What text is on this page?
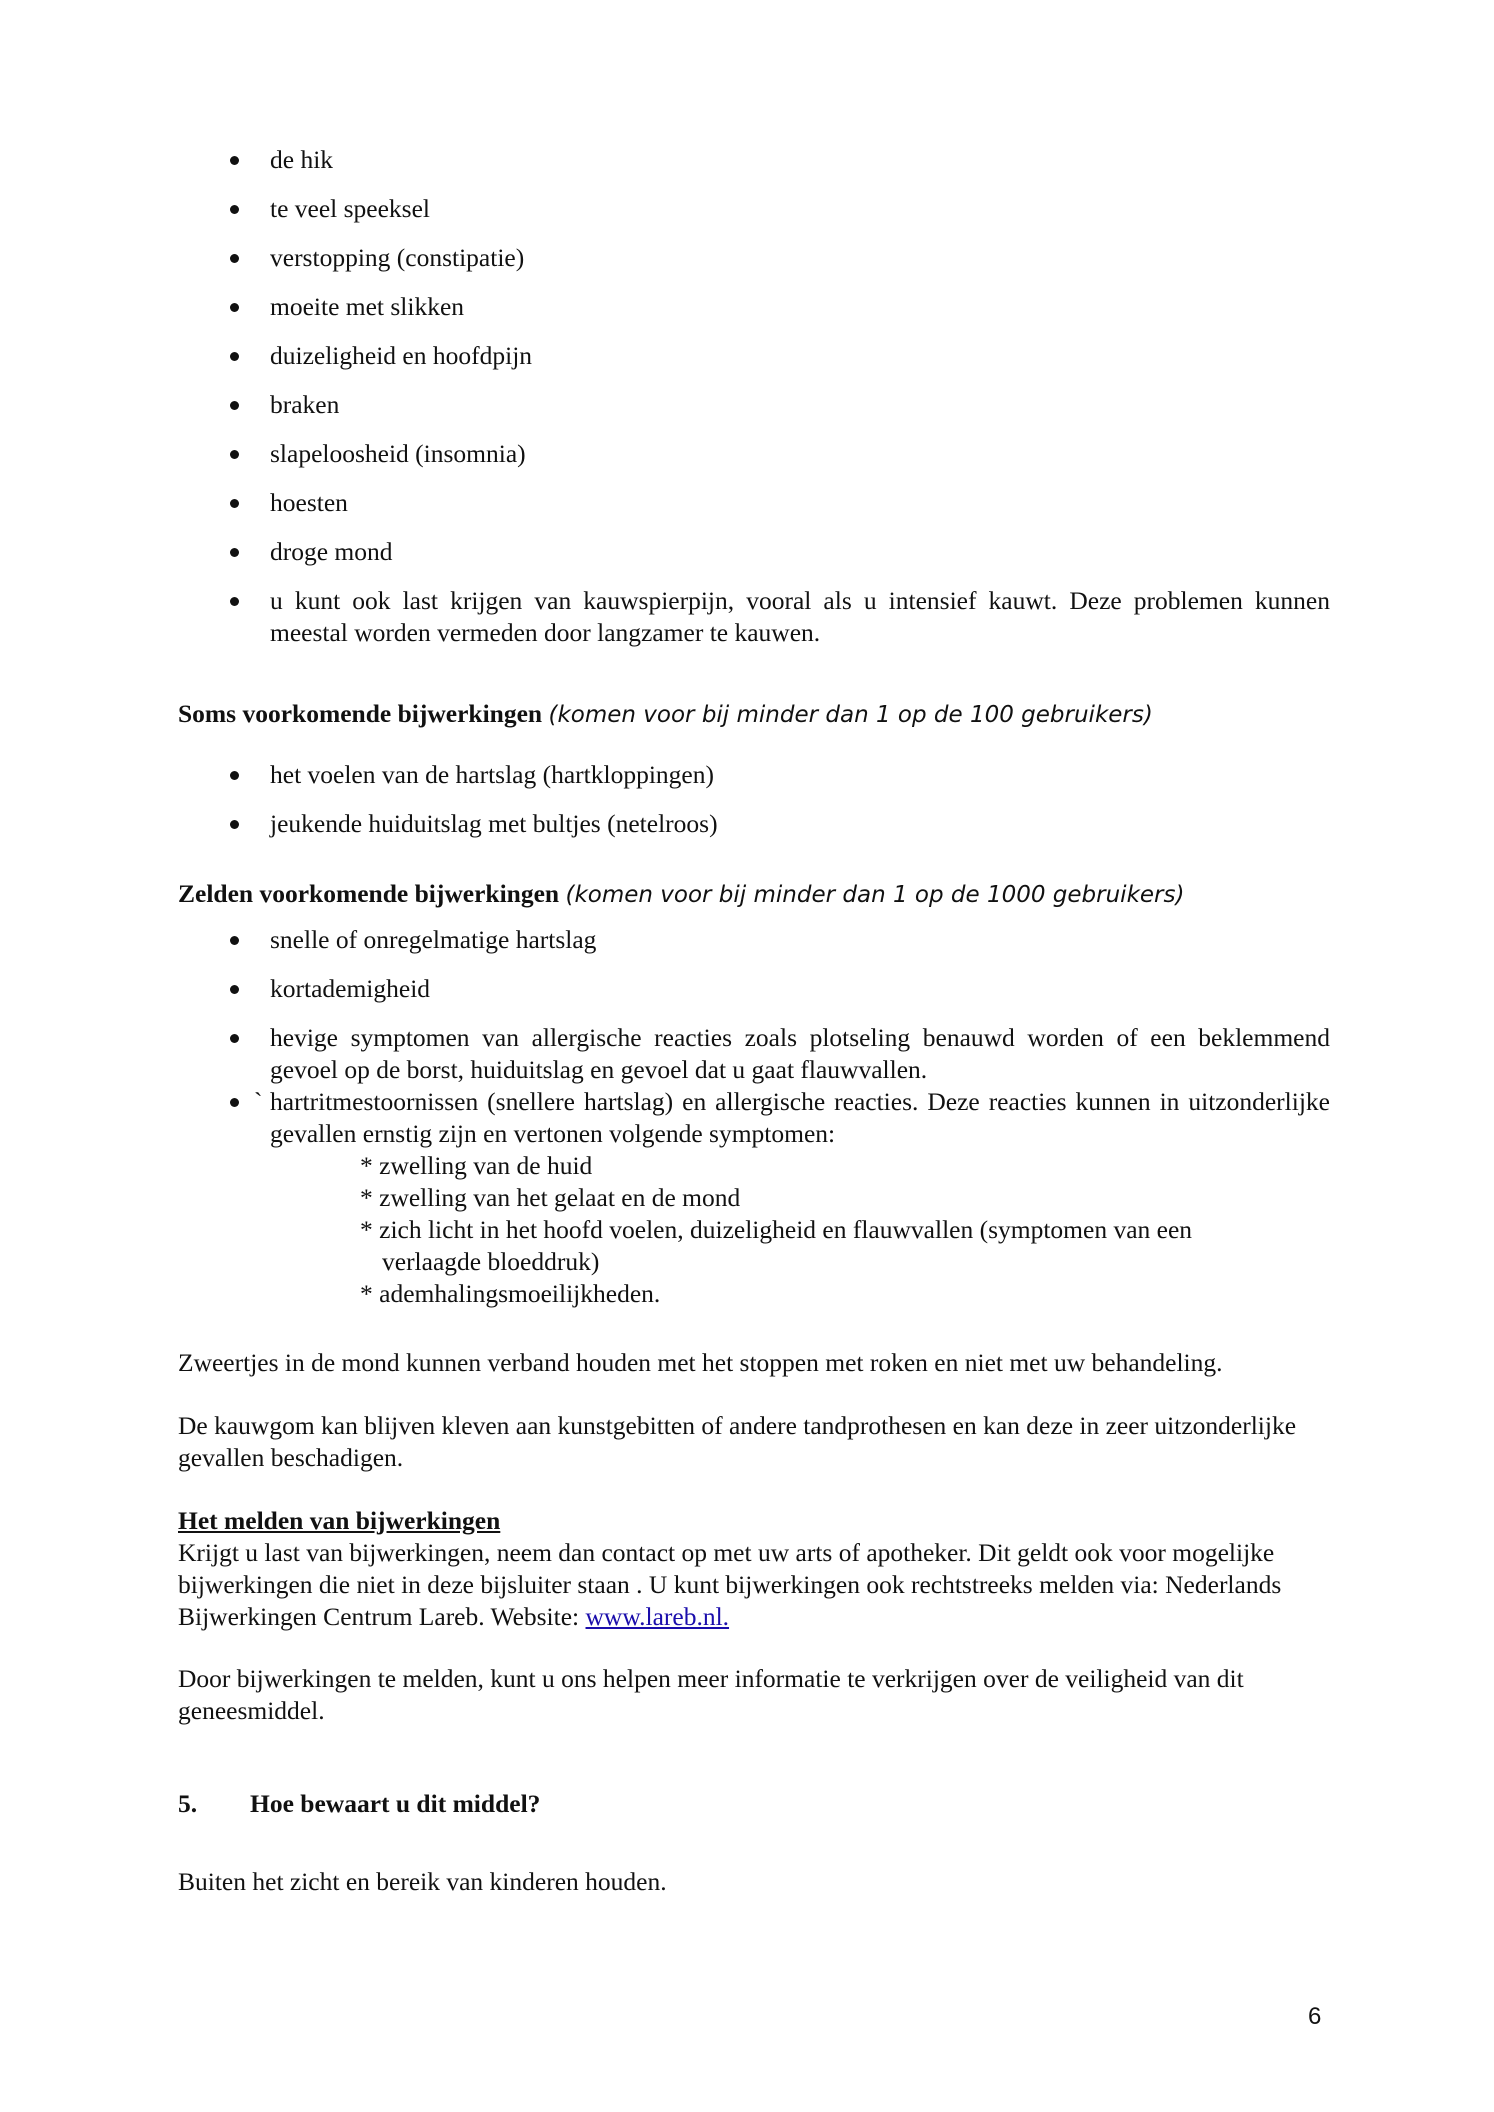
de hik
te veel speeksel
verstopping (constipatie)
moeite met slikken
duizeligheid en hoofdpijn
braken
slapeloosheid (insomnia)
hoesten
droge mond
u kunt ook last krijgen van kauwspierpijn, vooral als u intensief kauwt. Deze problemen kunnen meestal worden vermeden door langzamer te kauwen.
Soms voorkomende bijwerkingen (komen voor bij minder dan 1 op de 100 gebruikers)
het voelen van de hartslag (hartkloppingen)
jeukende huiduitslag met bultjes (netelroos)
Zelden voorkomende bijwerkingen (komen voor bij minder dan 1 op de 1000 gebruikers)
snelle of onregelmatige hartslag
kortademigheid
hevige symptomen van allergische reacties zoals plotseling benauwd worden of een beklemmend gevoel op de borst, huiduitslag en gevoel dat u gaat flauwvallen.
` hartritmestoornissen (snellere hartslag) en allergische reacties. Deze reacties kunnen in uitzonderlijke gevallen ernstig zijn en vertonen volgende symptomen:
* zwelling van de huid
* zwelling van het gelaat en de mond
* zich licht in het hoofd voelen, duizeligheid en flauwvallen (symptomen van een
verlaagde bloeddruk)
* ademhalingsmoeilijkheden.

Zweertjes in de mond kunnen verband houden met het stoppen met roken en niet met uw behandeling.

De kauwgom kan blijven kleven aan kunstgebitten of andere tandprothesen en kan deze in zeer uitzonderlijke gevallen beschadigen.

Het melden van bijwerkingen
Krijgt u last van bijwerkingen, neem dan contact op met uw arts of apotheker. Dit geldt ook voor mogelijke bijwerkingen die niet in deze bijsluiter staan . U kunt bijwerkingen ook rechtstreeks melden via: Nederlands Bijwerkingen Centrum Lareb. Website: www.lareb.nl.

Door bijwerkingen te melden, kunt u ons helpen meer informatie te verkrijgen over de veiligheid van dit geneesmiddel.

5. Hoe bewaart u dit middel?

Buiten het zicht en bereik van kinderen houden.

6
